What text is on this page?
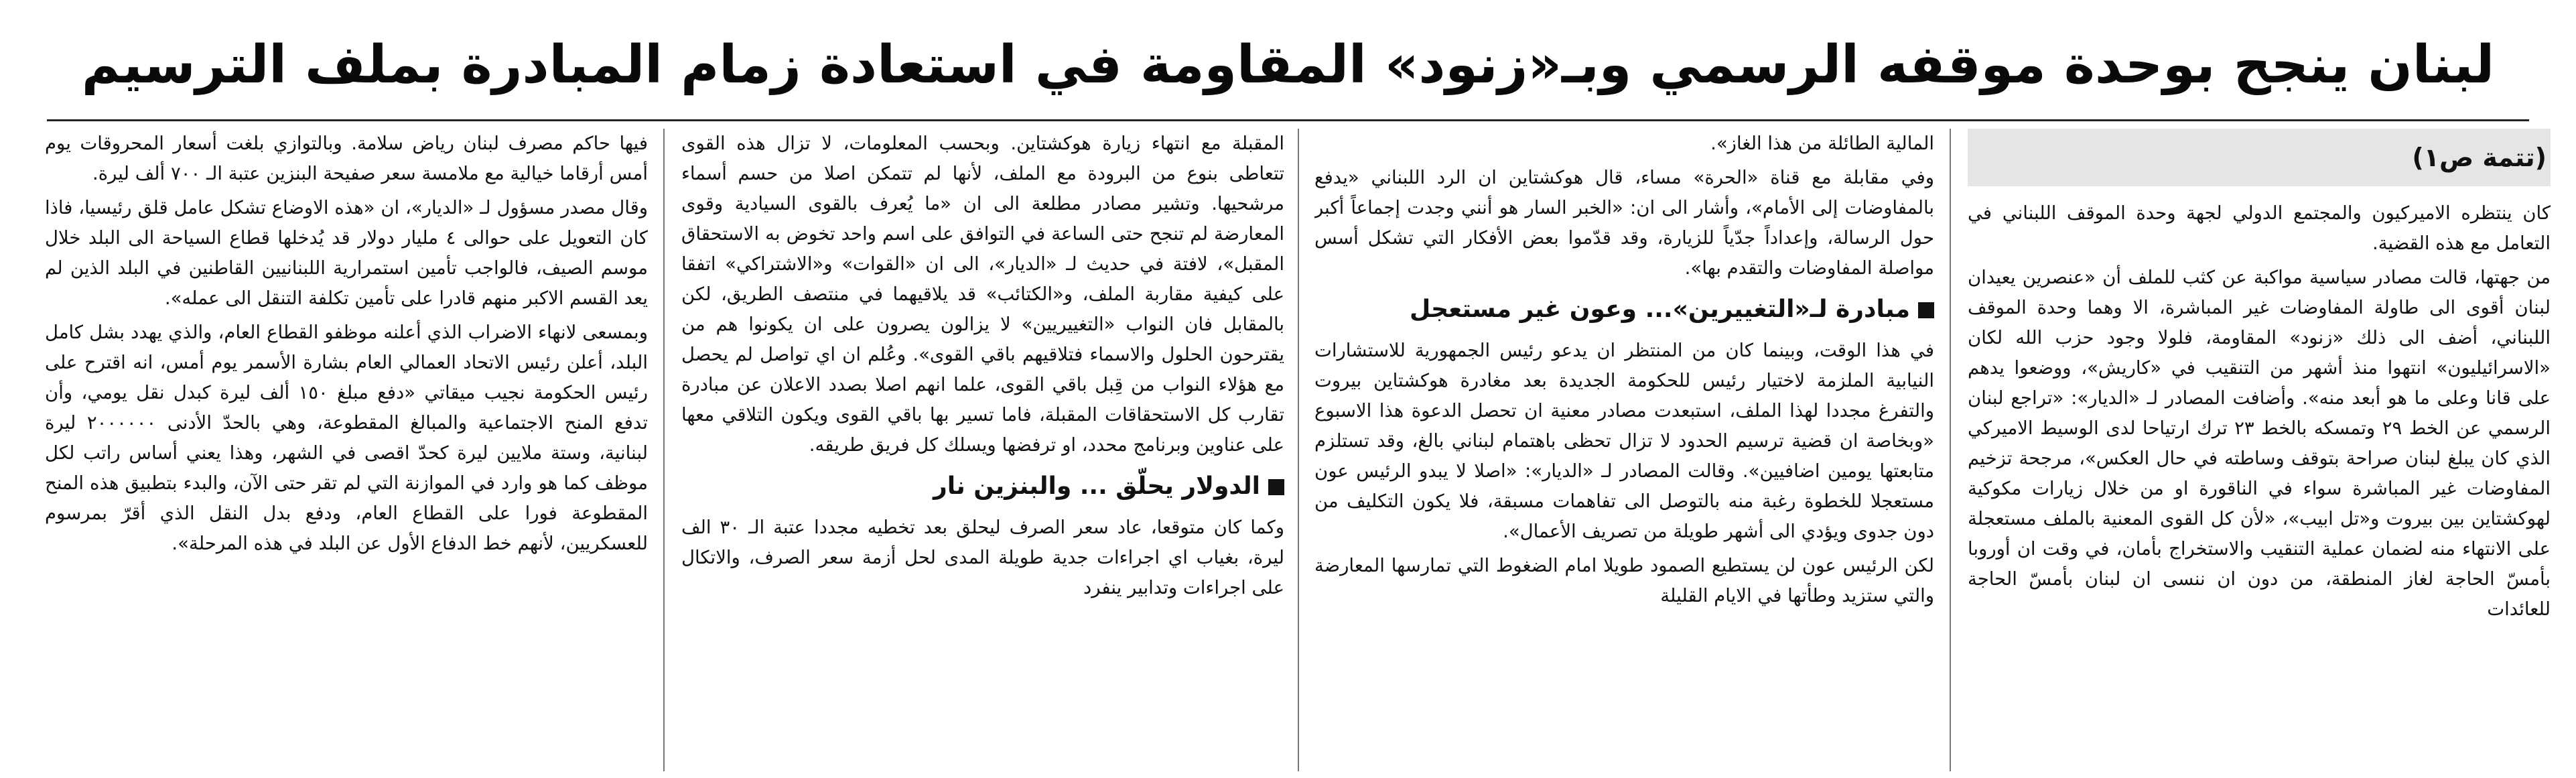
لبنان ينجح بوحدة موقفه الرسمي وبـ«زنود» المقاومة في استعادة زمام المبادرة بملف الترسيم
(تتمة ص١)

كان ينتظره الاميركيون والمجتمع الدولي لجهة وحدة الموقف اللبناني في التعامل مع هذه القضية.

من جهتها، قالت مصادر سياسية مواكبة عن كثب للملف أن «عنصرين يعيدان لبنان أقوى الى طاولة المفاوضات غير المباشرة، الا وهما وحدة الموقف اللبناني، أضف الى ذلك «زنود» المقاومة، فلولا وجود حزب الله لكان «الاسرائيليون» انتهوا منذ أشهر من التنقيب في «كاريش»، ووضعوا يدهم على قانا وعلى ما هو أبعد منه». وأضافت المصادر لـ «الديار»: «تراجع لبنان الرسمي عن الخط ٢٩ وتمسكه بالخط ٢٣ ترك ارتياحا لدى الوسيط الاميركي الذي كان يبلغ لبنان صراحة بتوقف وساطته في حال العكس»، مرجحة تزخيم المفاوضات غير المباشرة سواء في الناقورة او من خلال زيارات مكوكية لهوكشتاين بين بيروت و«تل ابيب»، «لأن كل القوى المعنية بالملف مستعجلة على الانتهاء منه لضمان عملية التنقيب والاستخراج بأمان، في وقت ان أوروبا بأمسّ الحاجة لغاز المنطقة، من دون ان ننسى ان لبنان بأمسّ الحاجة للعائدات

المالية الطائلة من هذا الغاز».

وفي مقابلة مع قناة «الحرة» مساء، قال هوكشتاين ان الرد اللبناني «يدفع بالمفاوضات إلى الأمام»، وأشار الى ان: «الخبر السار هو أنني وجدت إجماعاً أكبر حول الرسالة، وإعداداً جدّياً للزيارة، وقد قدّموا بعض الأفكار التي تشكل أسس مواصلة المفاوضات والتقدم بها».

مبادرة لـ«التغييرين»... وعون غير مستعجل

في هذا الوقت، وبينما كان من المنتظر ان يدعو رئيس الجمهورية للاستشارات النيابية الملزمة لاختيار رئيس للحكومة الجديدة بعد مغادرة هوكشتاين بيروت والتفرغ مجددا لهذا الملف، استبعدت مصادر معنية ان تحصل الدعوة هذا الاسبوع «وبخاصة ان قضية ترسيم الحدود لا تزال تحظى باهتمام لبناني بالغ، وقد تستلزم متابعتها يومين اضافيين». وقالت المصادر لـ «الديار»: «اصلا لا يبدو الرئيس عون مستعجلا للخطوة رغبة منه بالتوصل الى تفاهمات مسبقة، فلا يكون التكليف من دون جدوى ويؤدي الى أشهر طويلة من تصريف الأعمال».

لكن الرئيس عون لن يستطيع الصمود طويلا امام الضغوط التي تمارسها المعارضة والتي ستزيد وطأتها في الايام القليلة

المقبلة مع انتهاء زيارة هوكشتاين. وبحسب المعلومات، لا تزال هذه القوى تتعاطى بنوع من البرودة مع الملف، لأنها لم تتمكن اصلا من حسم أسماء مرشحيها. وتشير مصادر مطلعة الى ان «ما يُعرف بالقوى السيادية وقوى المعارضة لم تنجح حتى الساعة في التوافق على اسم واحد تخوض به الاستحقاق المقبل»، لافتة في حديث لـ «الديار»، الى ان «القوات» و«الاشتراكي» اتفقا على كيفية مقاربة الملف، و«الكتائب» قد يلاقيهما في منتصف الطريق، لكن بالمقابل فان النواب «التغييريين» لا يزالون يصرون على ان يكونوا هم من يقترحون الحلول والاسماء فتلاقيهم باقي القوى». وعُلم ان اي تواصل لم يحصل مع هؤلاء النواب من قِبل باقي القوى، علما انهم اصلا بصدد الاعلان عن مبادرة تقارب كل الاستحقاقات المقبلة، فاما تسير بها باقي القوى ويكون التلاقي معها على عناوين وبرنامج محدد، او ترفضها ويسلك كل فريق طريقه.

الدولار يحلّق ... والبنزين نار

وكما كان متوقعا، عاد سعر الصرف ليحلق بعد تخطيه مجددا عتبة الـ ٣٠ الف ليرة، بغياب اي اجراءات جدية طويلة المدى لحل أزمة سعر الصرف، والاتكال على اجراءات وتدابير ينفرد

فيها حاكم مصرف لبنان رياض سلامة. وبالتوازي بلغت أسعار المحروقات يوم أمس أرقاما خيالية مع ملامسة سعر صفيحة البنزين عتبة الـ ٧٠٠ ألف ليرة.

وقال مصدر مسؤول لـ «الديار»، ان «هذه الاوضاع تشكل عامل قلق رئيسيا، فاذا كان التعويل على حوالى ٤ مليار دولار قد يُدخلها قطاع السياحة الى البلد خلال موسم الصيف، فالواجب تأمين استمرارية اللبنانيين القاطنين في البلد الذين لم يعد القسم الاكبر منهم قادرا على تأمين تكلفة التنقل الى عمله».

وبمسعى لانهاء الاضراب الذي أعلنه موظفو القطاع العام، والذي يهدد بشل كامل البلد، أعلن رئيس الاتحاد العمالي العام بشارة الأسمر يوم أمس، انه اقترح على رئيس الحكومة نجيب ميقاتي «دفع مبلغ ١٥٠ ألف ليرة كبدل نقل يومي، وأن تدفع المنح الاجتماعية والمبالغ المقطوعة، وهي بالحدّ الأدنى ٢٠٠٠٠٠٠ ليرة لبنانية، وستة ملايين ليرة كحدّ اقصى في الشهر، وهذا يعني أساس راتب لكل موظف كما هو وارد في الموازنة التي لم تقر حتى الآن، والبدء بتطبيق هذه المنح المقطوعة فورا على القطاع العام، ودفع بدل النقل الذي أقرّ بمرسوم للعسكريين، لأنهم خط الدفاع الأول عن البلد في هذه المرحلة».
